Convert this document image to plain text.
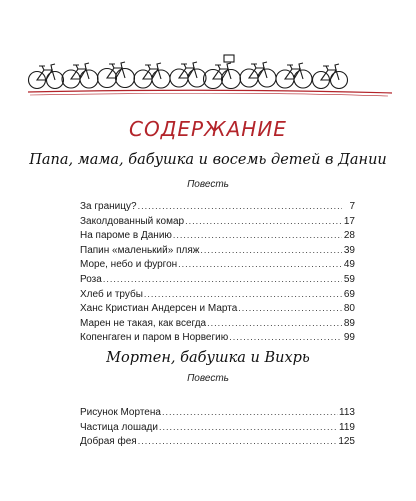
СОДЕРЖАНИЕ
Папа, мама, бабушка и восемь детей в Дании
Повесть
За границу? .....	7
Заколдованный комар .....	17
На пароме в Данию .....	28
Папин «маленький» пляж .....	39
Море, небо и фургон .....	49
Роза .....	59
Хлеб и трубы .....	69
Ханс Кристиан Андерсен и Марта .....	80
Марен не такая, как всегда .....	89
Копенгаген и паром в Норвегию .....	99
Мортен, бабушка и Вихрь
Повесть
Рисунок Мортена .....	113
Частица лошади .....	119
Добрая фея .....	125
